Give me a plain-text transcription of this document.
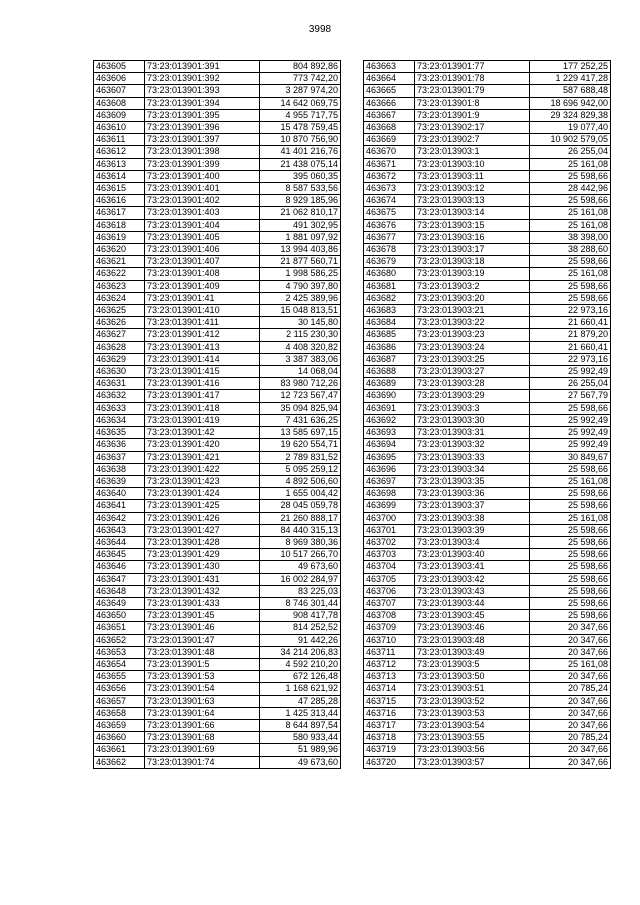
3998
463605	73:23:013901:391	804 892,86
463606	73:23:013901:392	773 742,20
463607	73:23:013901:393	3 287 974,20
463608	73:23:013901:394	14 642 069,75
463609	73:23:013901:395	4 955 717,75
463610	73:23:013901:396	15 478 759,45
463611	73:23:013901:397	10 870 756,90
463612	73:23:013901:398	41 401 216,76
463613	73:23:013901:399	21 438 075,14
463614	73:23:013901:400	395 060,35
463615	73:23:013901:401	8 587 533,56
463616	73:23:013901:402	8 929 185,96
463617	73:23:013901:403	21 062 810,17
463618	73:23:013901:404	491 302,95
463619	73:23:013901:405	1 881 097,92
463620	73:23:013901:406	13 994 403,86
463621	73:23:013901:407	21 877 560,71
463622	73:23:013901:408	1 998 586,25
463623	73:23:013901:409	4 790 397,80
463624	73:23:013901:41	2 425 389,96
463625	73:23:013901:410	15 048 813,51
463626	73:23:013901:411	30 145,80
463627	73:23:013901:412	2 115 230,30
463628	73:23:013901:413	4 408 320,82
463629	73:23:013901:414	3 387 383,06
463630	73:23:013901:415	14 068,04
463631	73:23:013901:416	83 980 712,26
463632	73:23:013901:417	12 723 567,47
463633	73:23:013901:418	35 094 825,94
463634	73:23:013901:419	7 431 636,25
463635	73:23:013901:42	13 585 697,15
463636	73:23:013901:420	19 620 554,71
463637	73:23:013901:421	2 789 831,52
463638	73:23:013901:422	5 095 259,12
463639	73:23:013901:423	4 892 506,60
463640	73:23:013901:424	1 655 004,42
463641	73:23:013901:425	28 045 059,78
463642	73:23:013901:426	21 260 888,17
463643	73:23:013901:427	84 440 315,13
463644	73:23:013901:428	8 969 380,36
463645	73:23:013901:429	10 517 266,70
463646	73:23:013901:430	49 673,60
463647	73:23:013901:431	16 002 284,97
463648	73:23:013901:432	83 225,03
463649	73:23:013901:433	8 746 301,44
463650	73:23:013901:45	908 417,78
463651	73:23:013901:46	814 252,52
463652	73:23:013901:47	91 442,26
463653	73:23:013901:48	34 214 206,83
463654	73:23:013901:5	4 592 210,20
463655	73:23:013901:53	672 126,48
463656	73:23:013901:54	1 168 621,92
463657	73:23:013901:63	47 285,28
463658	73:23:013901:64	1 425 313,44
463659	73:23:013901:66	8 644 897,54
463660	73:23:013901:68	580 933,44
463661	73:23:013901:69	51 989,96
463662	73:23:013901:74	49 673,60
463663	73:23:013901:77	177 252,25
463664	73:23:013901:78	1 229 417,28
463665	73:23:013901:79	587 688,48
463666	73:23:013901:8	18 696 942,00
463667	73:23:013901:9	29 324 829,38
463668	73:23:013902:17	19 077,40
463669	73:23:013902:7	10 902 579,05
463670	73:23:013903:1	26 255,04
463671	73:23:013903:10	25 161,08
463672	73:23:013903:11	25 598,66
463673	73:23:013903:12	28 442,96
463674	73:23:013903:13	25 598,66
463675	73:23:013903:14	25 161,08
463676	73:23:013903:15	25 161,08
463677	73:23:013903:16	38 398,00
463678	73:23:013903:17	38 288,60
463679	73:23:013903:18	25 598,66
463680	73:23:013903:19	25 161,08
463681	73:23:013903:2	25 598,66
463682	73:23:013903:20	25 598,66
463683	73:23:013903:21	22 973,16
463684	73:23:013903:22	21 660,41
463685	73:23:013903:23	21 879,20
463686	73:23:013903:24	21 660,41
463687	73:23:013903:25	22 973,16
463688	73:23:013903:27	25 992,49
463689	73:23:013903:28	26 255,04
463690	73:23:013903:29	27 567,79
463691	73:23:013903:3	25 598,66
463692	73:23:013903:30	25 992,49
463693	73:23:013903:31	25 992,49
463694	73:23:013903:32	25 992,49
463695	73:23:013903:33	30 849,67
463696	73:23:013903:34	25 598,66
463697	73:23:013903:35	25 161,08
463698	73:23:013903:36	25 598,66
463699	73:23:013903:37	25 598,66
463700	73:23:013903:38	25 161,08
463701	73:23:013903:39	25 598,66
463702	73:23:013903:4	25 598,66
463703	73:23:013903:40	25 598,66
463704	73:23:013903:41	25 598,66
463705	73:23:013903:42	25 598,66
463706	73:23:013903:43	25 598,66
463707	73:23:013903:44	25 598,66
463708	73:23:013903:45	25 598,66
463709	73:23:013903:46	20 347,66
463710	73:23:013903:48	20 347,66
463711	73:23:013903:49	20 347,66
463712	73:23:013903:5	25 161,08
463713	73:23:013903:50	20 347,66
463714	73:23:013903:51	20 785,24
463715	73:23:013903:52	20 347,66
463716	73:23:013903:53	20 347,66
463717	73:23:013903:54	20 347,66
463718	73:23:013903:55	20 785,24
463719	73:23:013903:56	20 347,66
463720	73:23:013903:57	20 347,66
